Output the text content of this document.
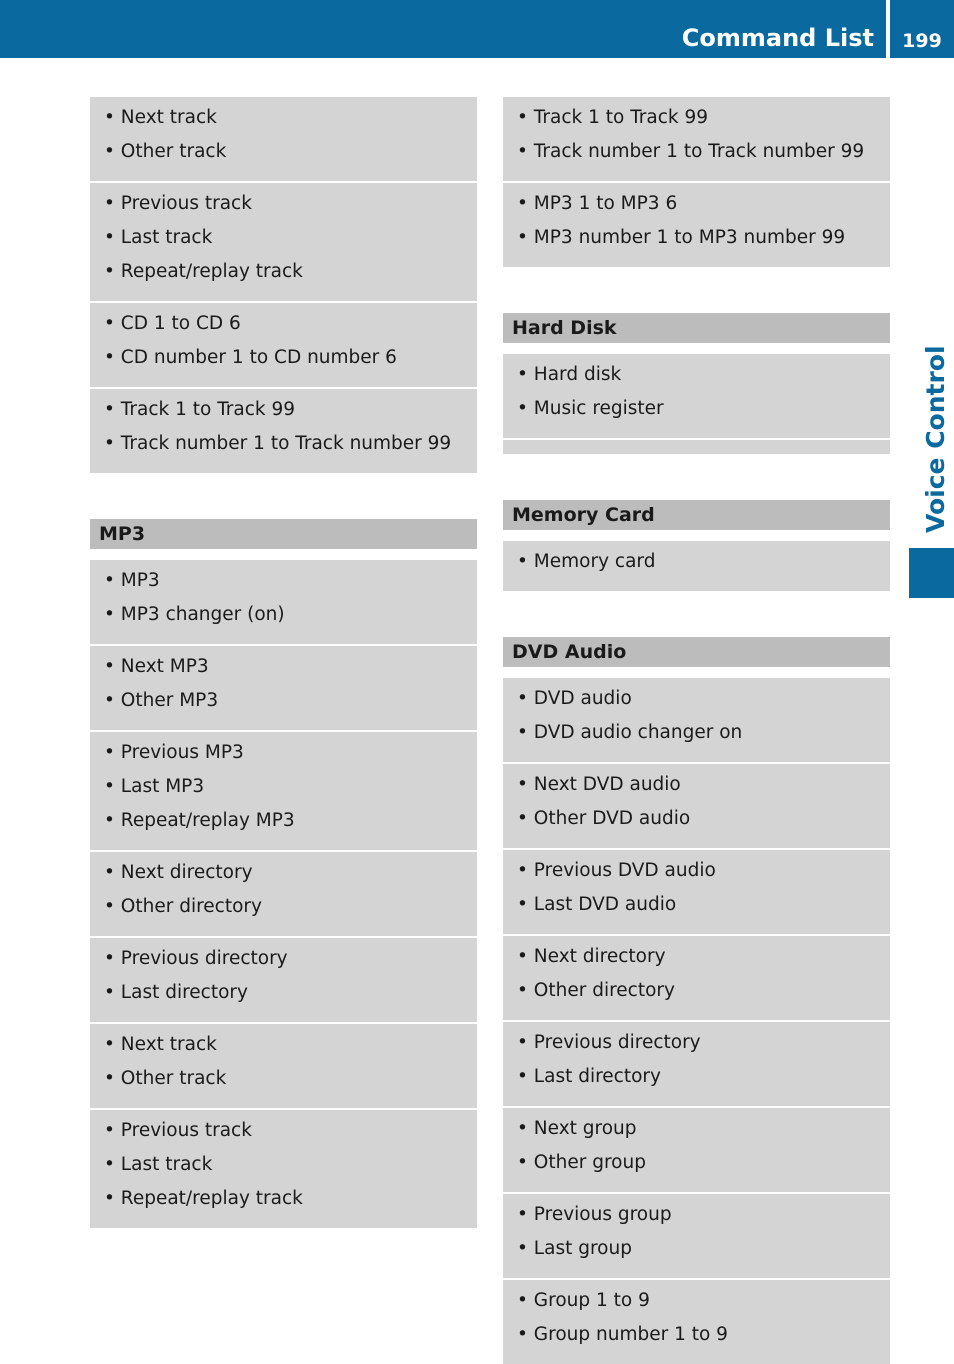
Command List	199
Voice Control
• Next track
• Other track
• Previous track
• Last track
• Repeat/replay track
• CD 1 to CD 6
• CD number 1 to CD number 6
• Track 1 to Track 99
• Track number 1 to Track number 99
MP3
• MP3
• MP3 changer (on)
• Next MP3
• Other MP3
• Previous MP3
• Last MP3
• Repeat/replay MP3
• Next directory
• Other directory
• Previous directory
• Last directory
• Next track
• Other track
• Previous track
• Last track
• Repeat/replay track
• Track 1 to Track 99
• Track number 1 to Track number 99
• MP3 1 to MP3 6
• MP3 number 1 to MP3 number 99
Hard Disk
• Hard disk
• Music register
Memory Card
• Memory card
DVD Audio
• DVD audio
• DVD audio changer on
• Next DVD audio
• Other DVD audio
• Previous DVD audio
• Last DVD audio
• Next directory
• Other directory
• Previous directory
• Last directory
• Next group
• Other group
• Previous group
• Last group
• Group 1 to 9
• Group number 1 to 9
